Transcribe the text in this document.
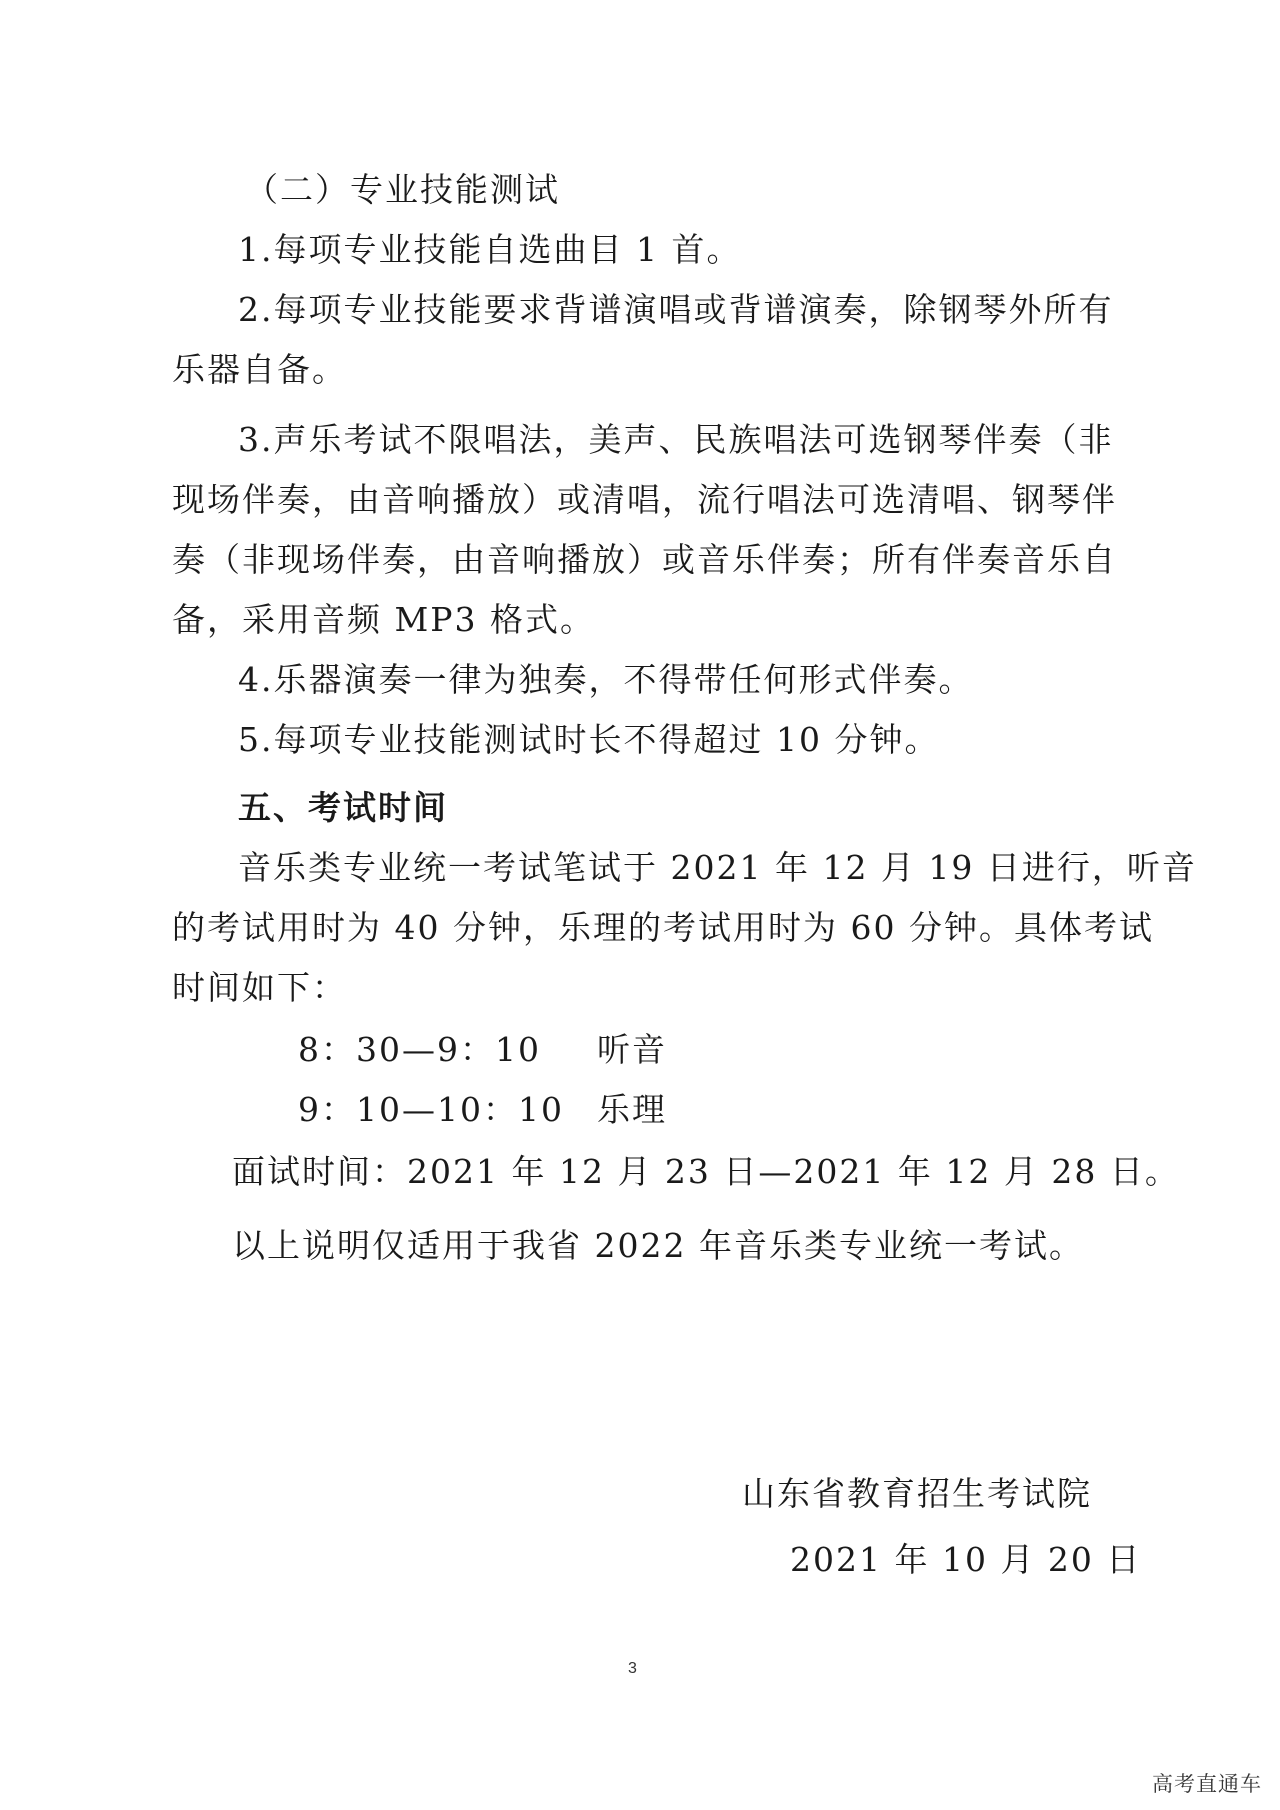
（二）专业技能测试
1.每项专业技能自选曲目 1 首。
2.每项专业技能要求背谱演唱或背谱演奏，除钢琴外所有
乐器自备。
3.声乐考试不限唱法，美声、民族唱法可选钢琴伴奏（非
现场伴奏，由音响播放）或清唱，流行唱法可选清唱、钢琴伴
奏（非现场伴奏，由音响播放）或音乐伴奏；所有伴奏音乐自
备，采用音频 MP3 格式。
4.乐器演奏一律为独奏，不得带任何形式伴奏。
5.每项专业技能测试时长不得超过 10 分钟。
五、考试时间
音乐类专业统一考试笔试于 2021 年 12 月 19 日进行，听音
的考试用时为 40 分钟，乐理的考试用时为 60 分钟。具体考试
时间如下：
8：30—9：10 听音
9：10—10：10 乐理
面试时间：2021 年 12 月 23 日—2021 年 12 月 28 日。
以上说明仅适用于我省 2022 年音乐类专业统一考试。
山东省教育招生考试院
2021 年 10 月 20 日
3
高考直通车
